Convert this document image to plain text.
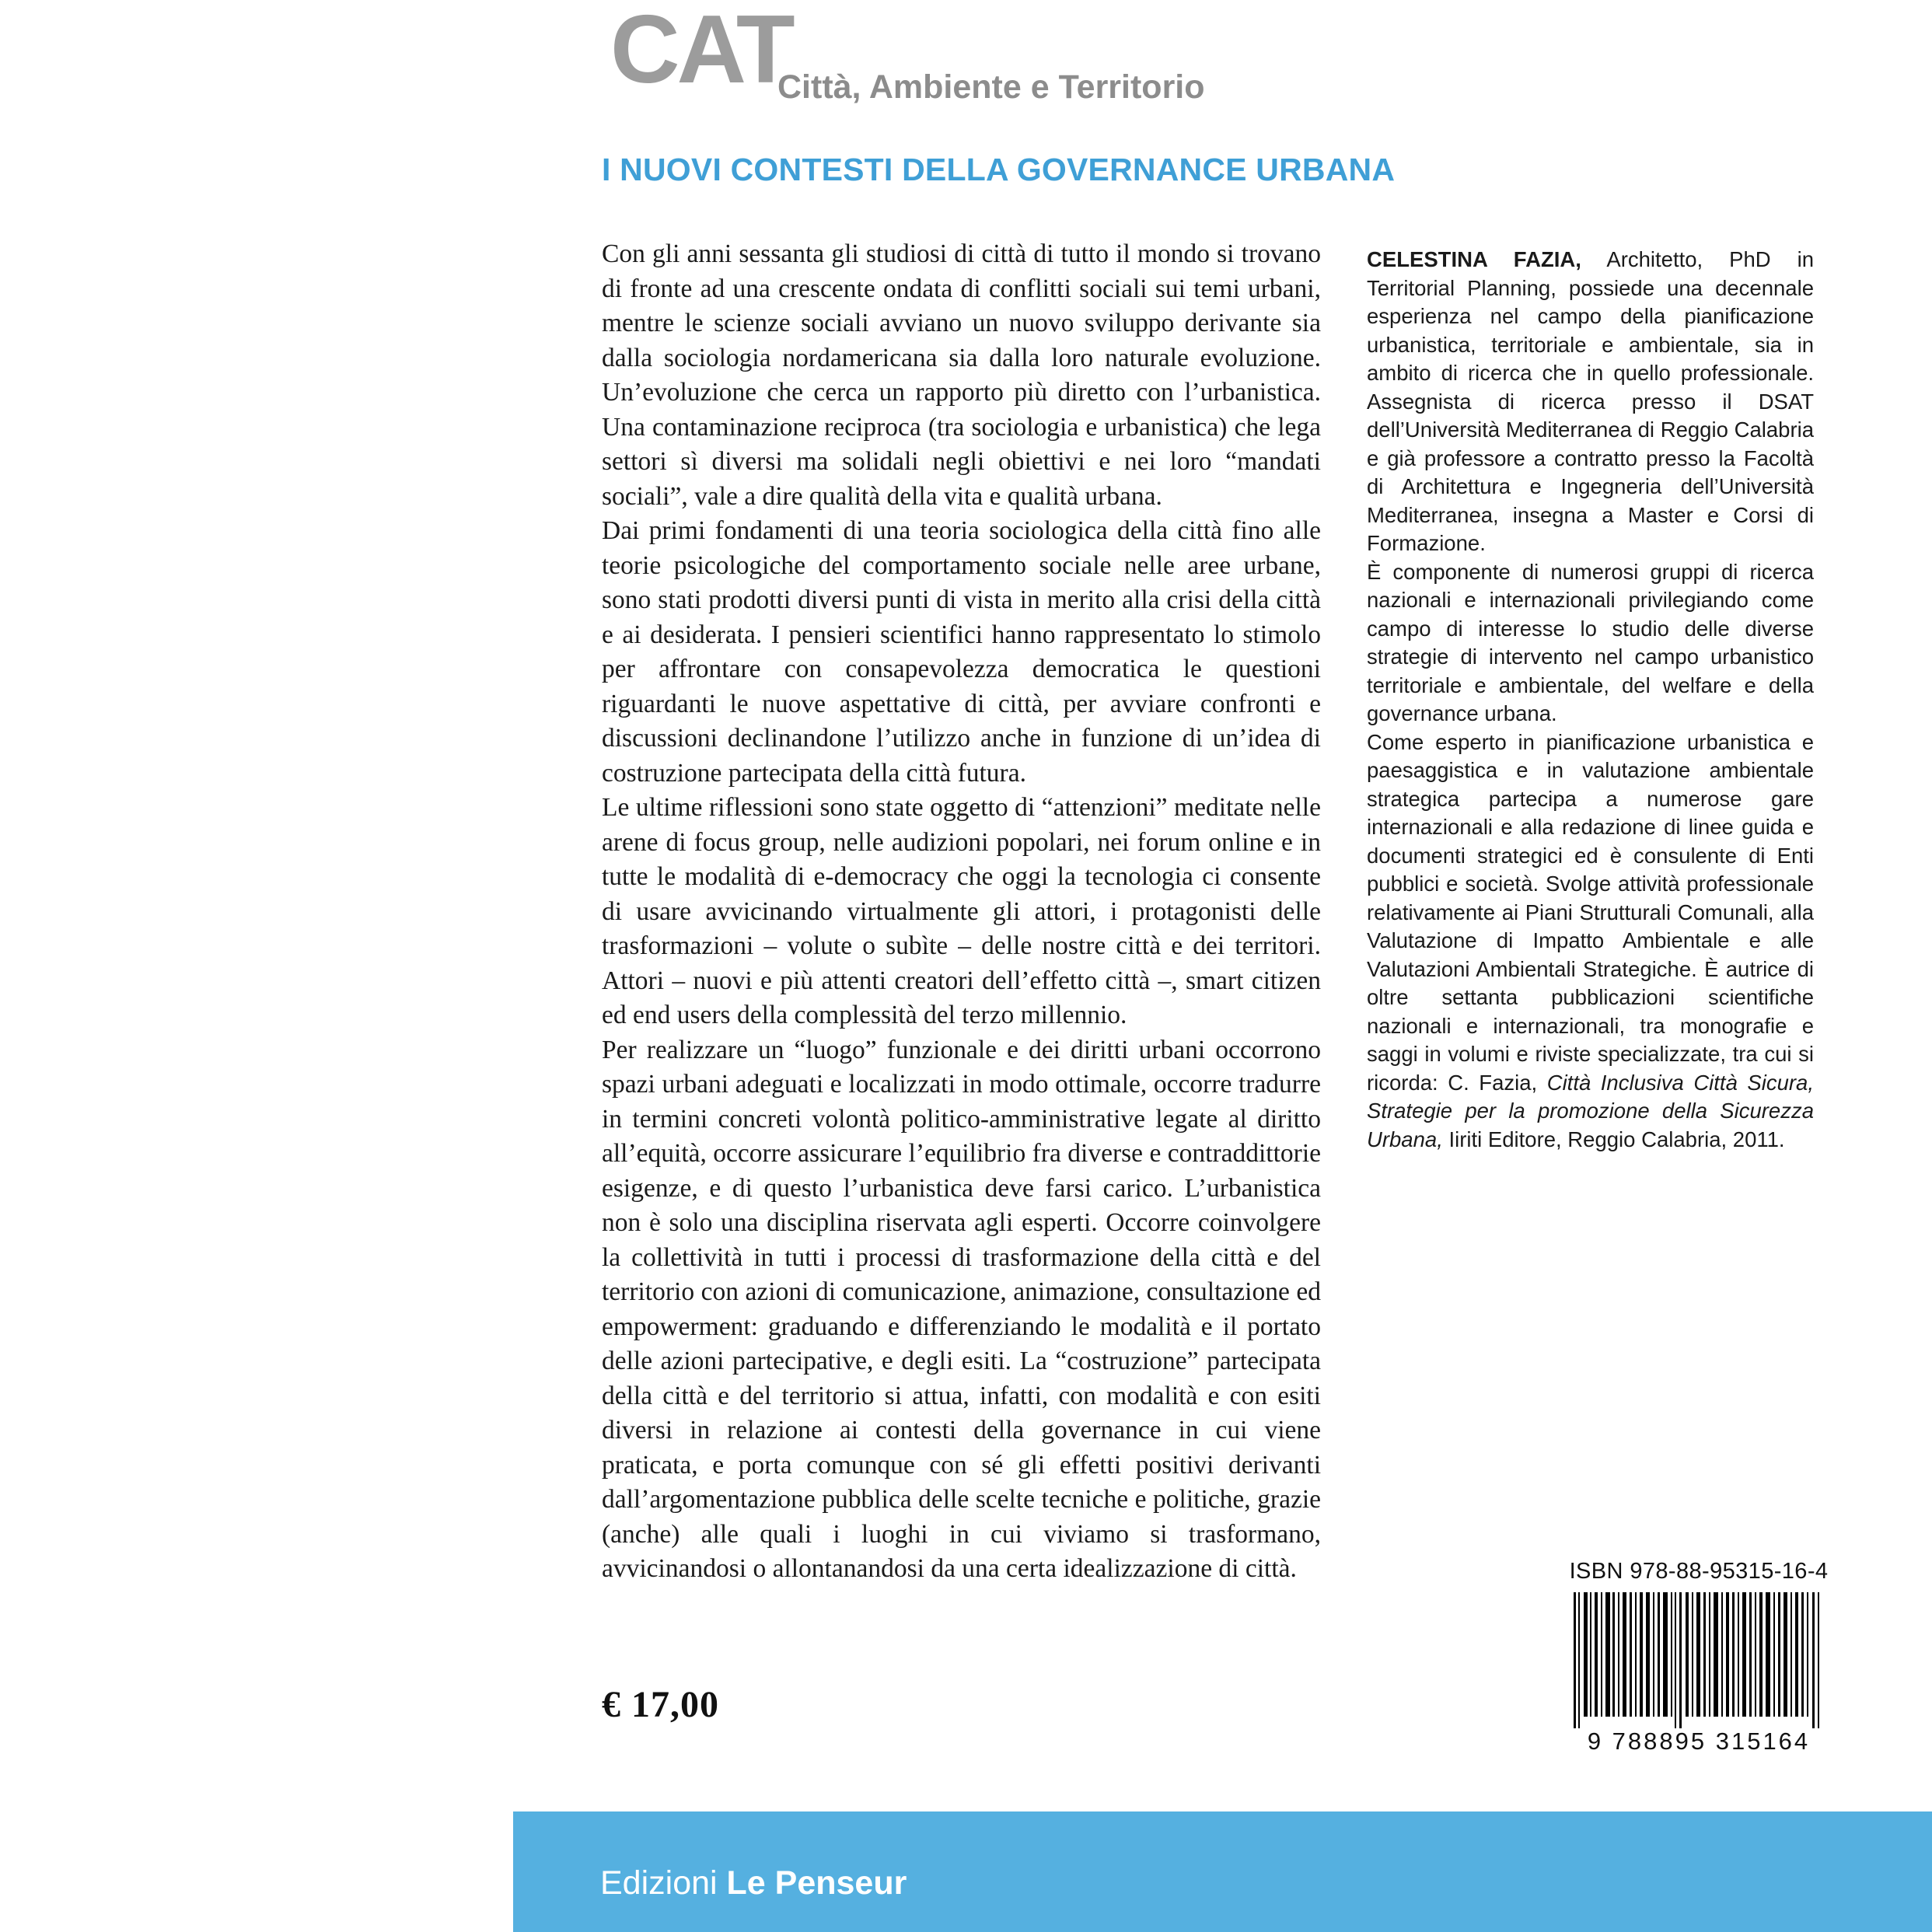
CAT
Città, Ambiente e Territorio
I NUOVI CONTESTI DELLA GOVERNANCE URBANA

Con gli anni sessanta gli studiosi di città di tutto il mondo si trovano di fronte ad una crescente ondata di conflitti sociali sui temi urbani, mentre le scienze sociali avviano un nuovo sviluppo derivante sia dalla sociologia nordamericana sia dalla loro naturale evoluzione. Un’evoluzione che cerca un rapporto più diretto con l’urbanistica. Una contaminazione reciproca (tra sociologia e urbanistica) che lega settori sì diversi ma solidali negli obiettivi e nei loro “mandati sociali”, vale a dire qualità della vita e qualità urbana.

Dai primi fondamenti di una teoria sociologica della città fino alle teorie psicologiche del comportamento sociale nelle aree urbane, sono stati prodotti diversi punti di vista in merito alla crisi della città e ai desiderata. I pensieri scientifici hanno rappresentato lo stimolo per affrontare con consapevolezza democratica le questioni riguardanti le nuove aspettative di città, per avviare confronti e discussioni declinandone l’utilizzo anche in funzione di un’idea di costruzione partecipata della città futura.

Le ultime riflessioni sono state oggetto di “attenzioni” meditate nelle arene di focus group, nelle audizioni popolari, nei forum online e in tutte le modalità di e-democracy che oggi la tecnologia ci consente di usare avvicinando virtualmente gli attori, i protagonisti delle trasformazioni – volute o subìte – delle nostre città e dei territori. Attori – nuovi e più attenti creatori dell’effetto città –, smart citizen ed end users della complessità del terzo millennio.

Per realizzare un “luogo” funzionale e dei diritti urbani occorrono spazi urbani adeguati e localizzati in modo ottimale, occorre tradurre in termini concreti volontà politico-amministrative legate al diritto all’equità, occorre assicurare l’equilibrio fra diverse e contraddittorie esigenze, e di questo l’urbanistica deve farsi carico. L’urbanistica non è solo una disciplina riservata agli esperti. Occorre coinvolgere la collettività in tutti i processi di trasformazione della città e del territorio con azioni di comunicazione, animazione, consultazione ed empowerment: graduando e differenziando le modalità e il portato delle azioni partecipative, e degli esiti. La “costruzione” partecipata della città e del territorio si attua, infatti, con modalità e con esiti diversi in relazione ai contesti della governance in cui viene praticata, e porta comunque con sé gli effetti positivi derivanti dall’argomentazione pubblica delle scelte tecniche e politiche, grazie (anche) alle quali i luoghi in cui viviamo si trasformano, avvicinandosi o allontanandosi da una certa idealizzazione di città.

CELESTINA FAZIA, Architetto, PhD in Territorial Planning, possiede una decennale esperienza nel campo della pianificazione urbanistica, territoriale e ambientale, sia in ambito di ricerca che in quello professionale. Assegnista di ricerca presso il DSAT dell’Università Mediterranea di Reggio Calabria e già professore a contratto presso la Facoltà di Architettura e Ingegneria dell’Università Mediterranea, insegna a Master e Corsi di Formazione.

È componente di numerosi gruppi di ricerca nazionali e internazionali privilegiando come campo di interesse lo studio delle diverse strategie di intervento nel campo urbanistico territoriale e ambientale, del welfare e della governance urbana.

Come esperto in pianificazione urbanistica e paesaggistica e in valutazione ambientale strategica partecipa a numerose gare internazionali e alla redazione di linee guida e documenti strategici ed è consulente di Enti pubblici e società. Svolge attività professionale relativamente ai Piani Strutturali Comunali, alla Valutazione di Impatto Ambientale e alle Valutazioni Ambientali Strategiche. È autrice di oltre settanta pubblicazioni scientifiche nazionali e internazionali, tra monografie e saggi in volumi e riviste specializzate, tra cui si ricorda: C. Fazia, Città Inclusiva Città Sicura, Strategie per la promozione della Sicurezza Urbana, Iiriti Editore, Reggio Calabria, 2011.

€ 17,00
ISBN 978-88-95315-16-4
9 788895 315164
Edizioni Le Penseur
